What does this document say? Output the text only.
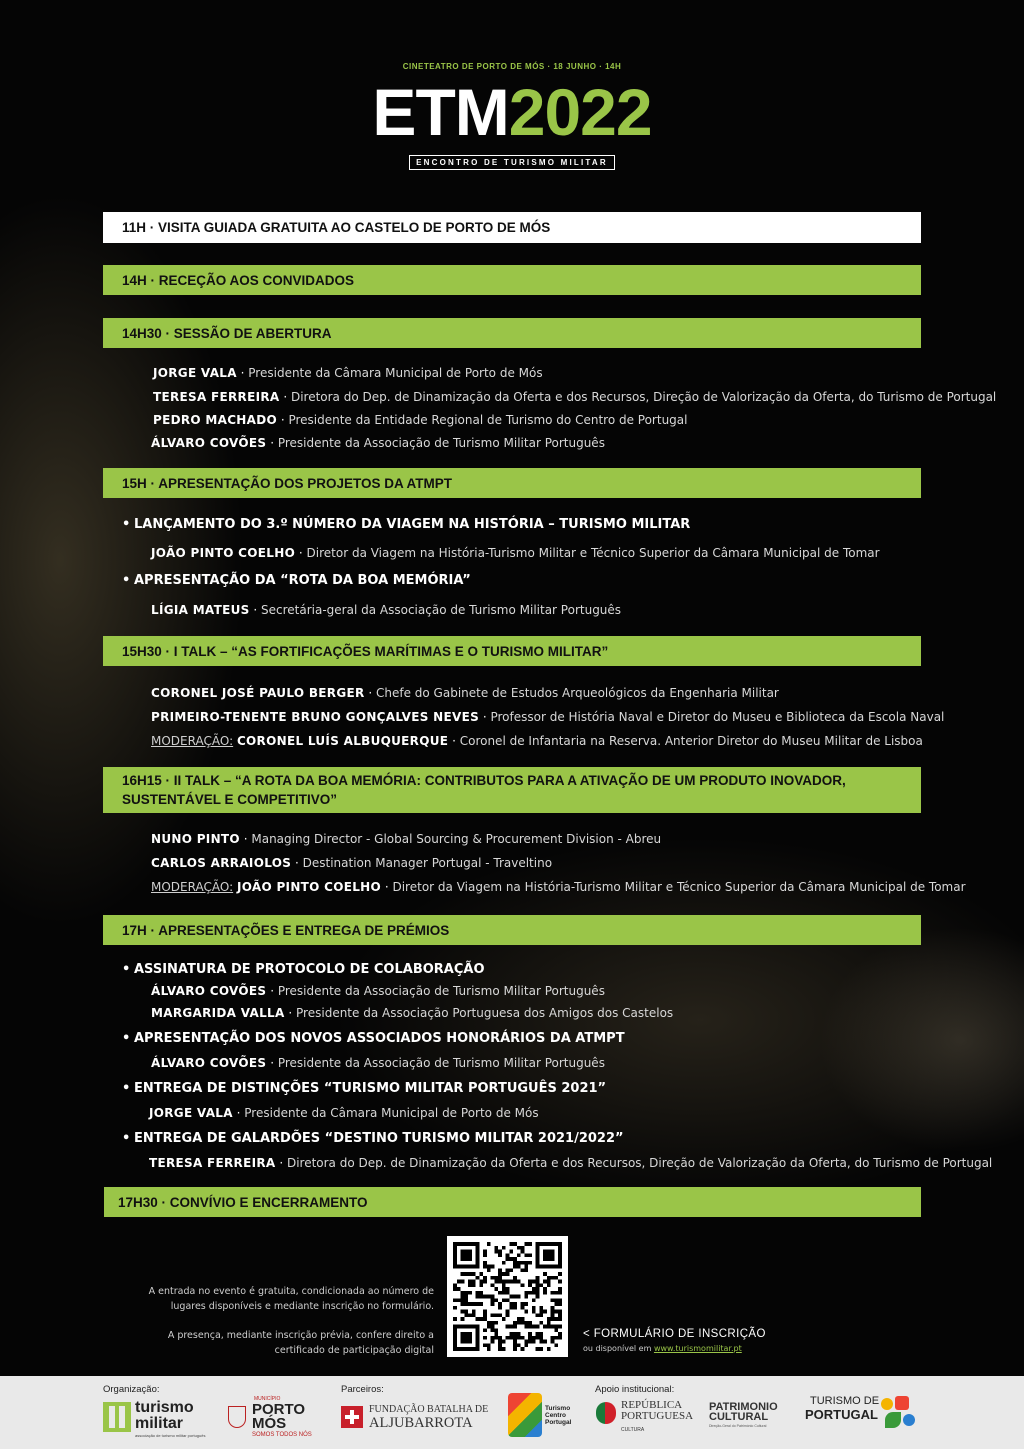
CINETEATRO DE PORTO DE MÓS · 18 JUNHO · 14H
ETM2022
ENCONTRO DE TURISMO MILITAR
11H · VISITA GUIADA GRATUITA AO CASTELO DE PORTO DE MÓS
14H · RECEÇÃO AOS CONVIDADOS
14H30 · SESSÃO DE ABERTURA
JORGE VALA · Presidente da Câmara Municipal de Porto de Mós
TERESA FERREIRA · Diretora do Dep. de Dinamização da Oferta e dos Recursos, Direção de Valorização da Oferta, do Turismo de Portugal
PEDRO MACHADO · Presidente da Entidade Regional de Turismo do Centro de Portugal
ÁLVARO COVÕES · Presidente da Associação de Turismo Militar Português
15H · APRESENTAÇÃO DOS PROJETOS DA ATMPT
• LANÇAMENTO DO 3.º NÚMERO DA VIAGEM NA HISTÓRIA – TURISMO MILITAR
JOÃO PINTO COELHO · Diretor da Viagem na História-Turismo Militar e Técnico Superior da Câmara Municipal de Tomar
• APRESENTAÇÃO DA “ROTA DA BOA MEMÓRIA”
LÍGIA MATEUS · Secretária-geral da Associação de Turismo Militar Português
15H30 · I TALK – “AS FORTIFICAÇÕES MARÍTIMAS E O TURISMO MILITAR”
CORONEL JOSÉ PAULO BERGER · Chefe do Gabinete de Estudos Arqueológicos da Engenharia Militar
PRIMEIRO-TENENTE BRUNO GONÇALVES NEVES · Professor de História Naval e Diretor do Museu e Biblioteca da Escola Naval
MODERAÇÃO: CORONEL LUÍS ALBUQUERQUE · Coronel de Infantaria na Reserva. Anterior Diretor do Museu Militar de Lisboa
16H15 · II TALK – “A ROTA DA BOA MEMÓRIA: CONTRIBUTOS PARA A ATIVAÇÃO DE UM PRODUTO INOVADOR,
SUSTENTÁVEL E COMPETITIVO”
NUNO PINTO · Managing Director - Global Sourcing & Procurement Division - Abreu
CARLOS ARRAIOLOS · Destination Manager Portugal - Traveltino
MODERAÇÃO: JOÃO PINTO COELHO · Diretor da Viagem na História-Turismo Militar e Técnico Superior da Câmara Municipal de Tomar
17H · APRESENTAÇÕES E ENTREGA DE PRÉMIOS
• ASSINATURA DE PROTOCOLO DE COLABORAÇÃO
ÁLVARO COVÕES · Presidente da Associação de Turismo Militar Português
MARGARIDA VALLA · Presidente da Associação Portuguesa dos Amigos dos Castelos
• APRESENTAÇÃO DOS NOVOS ASSOCIADOS HONORÁRIOS DA ATMPT
ÁLVARO COVÕES · Presidente da Associação de Turismo Militar Português
• ENTREGA DE DISTINÇÕES “TURISMO MILITAR PORTUGUÊS 2021”
JORGE VALA · Presidente da Câmara Municipal de Porto de Mós
• ENTREGA DE GALARDÕES “DESTINO TURISMO MILITAR 2021/2022”
TERESA FERREIRA · Diretora do Dep. de Dinamização da Oferta e dos Recursos, Direção de Valorização da Oferta, do Turismo de Portugal
17H30 · CONVÍVIO E ENCERRAMENTO
A entrada no evento é gratuita, condicionada ao número de
lugares disponíveis e mediante inscrição no formulário.
A presença, mediante inscrição prévia, confere direito a
certificado de participação digital
< FORMULÁRIO DE INSCRIÇÃO
ou disponível em www.turismomilitar.pt
Organização:	Parceiros:	Apoio institucional:
turismo
militar
associação de turismo militar português
MUNICÍPIO
PORTO
MÓS
SOMOS TODOS NÓS
FUNDAÇÃO BATALHA DE
ALJUBARROTA
Turismo Centro Portugal
REPÚBLICA
PORTUGUESA
CULTURA
PATRIMONIO
CULTURAL
Direção-Geral do Património Cultural
TURISMO DE
PORTUGAL
